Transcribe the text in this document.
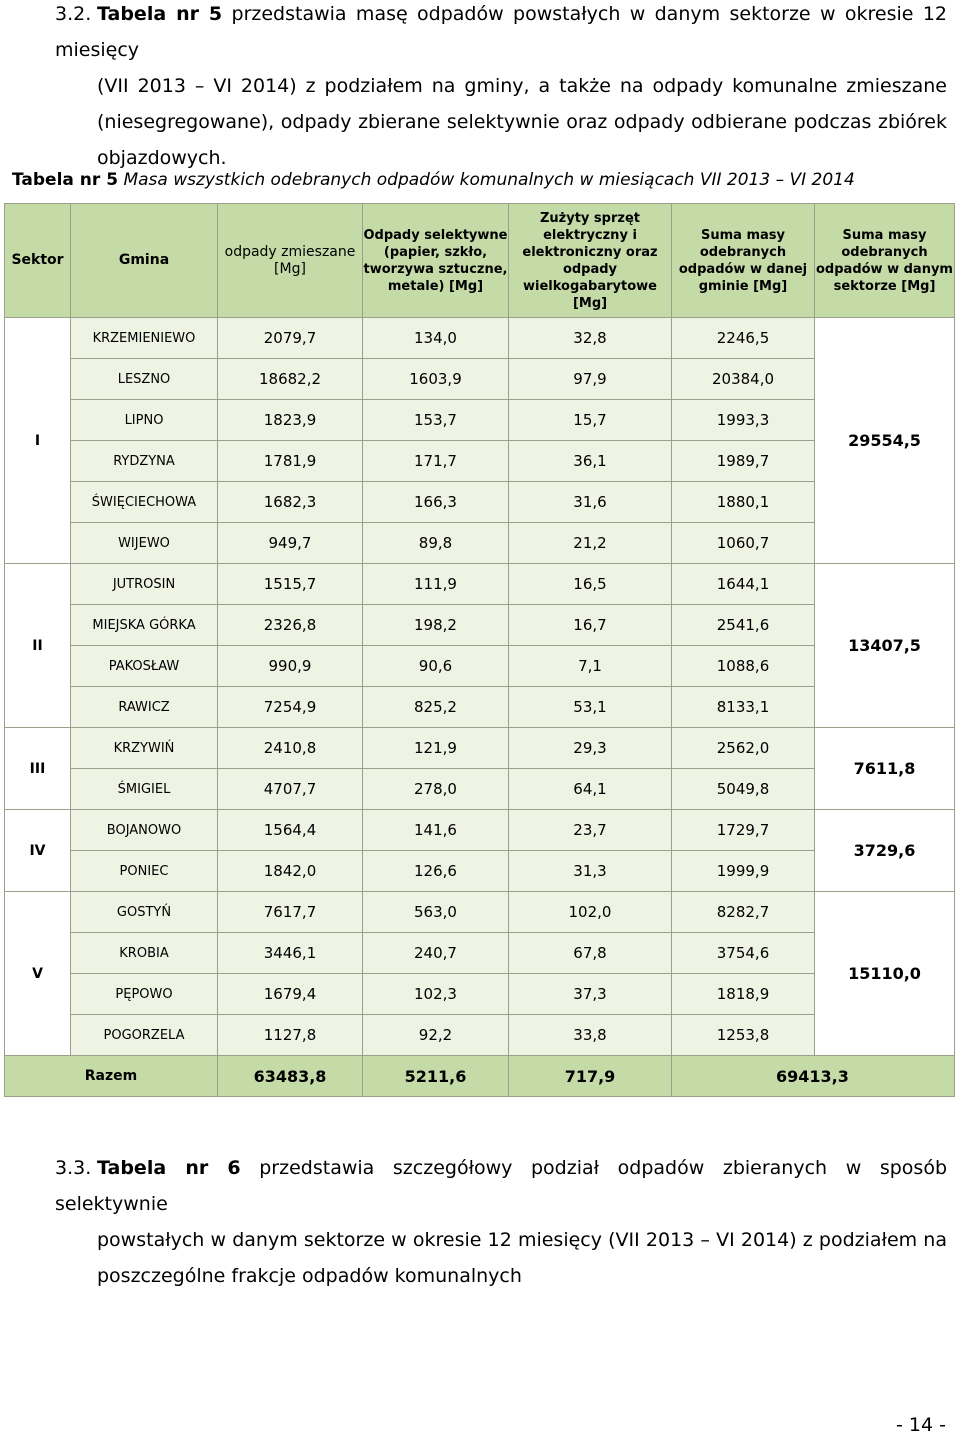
3.2. Tabela nr 5 przedstawia masę odpadów powstałych w danym sektorze w okresie 12 miesięcy
(VII 2013 – VI 2014) z podziałem na gminy, a także na odpady komunalne zmieszane
(niesegregowane), odpady zbierane selektywnie oraz odpady odbierane podczas zbiórek
objazdowych.
Tabela nr 5 Masa wszystkich odebranych odpadów komunalnych w miesiącach VII 2013 – VI 2014
Sektor	Gmina	odpady zmieszane [Mg]	Odpady selektywne (papier, szkło, tworzywa sztuczne, metale) [Mg]	Zużyty sprzęt elektryczny i elektroniczny oraz odpady wielkogabarytowe [Mg]	Suma masy odebranych odpadów w danej gminie [Mg]	Suma masy odebranych odpadów w danym sektorze [Mg]
I	KRZEMIENIEWO	2079,7	134,0	32,8	2246,5	29554,5
	LESZNO	18682,2	1603,9	97,9	20384,0	
	LIPNO	1823,9	153,7	15,7	1993,3	
	RYDZYNA	1781,9	171,7	36,1	1989,7	
	ŚWIĘCIECHOWA	1682,3	166,3	31,6	1880,1	
	WIJEWO	949,7	89,8	21,2	1060,7	
II	JUTROSIN	1515,7	111,9	16,5	1644,1	13407,5
	MIEJSKA GÓRKA	2326,8	198,2	16,7	2541,6	
	PAKOSŁAW	990,9	90,6	7,1	1088,6	
	RAWICZ	7254,9	825,2	53,1	8133,1	
III	KRZYWIŃ	2410,8	121,9	29,3	2562,0	7611,8
	ŚMIGIEL	4707,7	278,0	64,1	5049,8	
IV	BOJANOWO	1564,4	141,6	23,7	1729,7	3729,6
	PONIEC	1842,0	126,6	31,3	1999,9	
V	GOSTYŃ	7617,7	563,0	102,0	8282,7	15110,0
	KROBIA	3446,1	240,7	67,8	3754,6	
	PĘPOWO	1679,4	102,3	37,3	1818,9	
	POGORZELA	1127,8	92,2	33,8	1253,8	
Razem		63483,8	5211,6	717,9	69413,3	
3.3. Tabela nr 6 przedstawia szczegółowy podział odpadów zbieranych w sposób selektywnie
powstałych w danym sektorze w okresie 12 miesięcy (VII 2013 – VI 2014) z podziałem na
poszczególne frakcje odpadów komunalnych
- 14 -
